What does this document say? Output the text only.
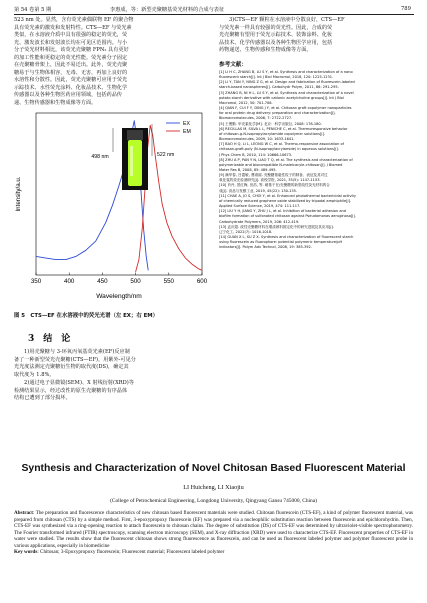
第 54 卷第 5 期	李惠成，等：新型壳聚糖基荧光材料的合成与表征	789
523 nm 处。显然，含有荧光素偶联物 EF 的聚合物
具有荧光素的激发和发射特性。CTS—EF 与荧光素
类似，在水溶液介质中具有很强的稳定的荧光，荧
光、激发波长和发射波长均在可见区范围内。与小
分子荧光材料相比，该荧光壳聚糖 FPN₂ 具有更好
的加工性能和更稳定的荧光性能。荧光素分子固定
在壳聚糖骨架上，因此不易迁出。此外，荧光壳聚
糖易于与生物体相容，无毒、无害，再加上良好的
水溶性和分散性。因此，荧光壳聚糖可应用于荧光
示踪技术、水性荧光涂料、化妆品技术、生物化学
传感器以及各种生物医药应用领域，包括药品传
递、生物传感器和生物成像等方面。
Intensity/a.u.
350	400	450	500	550	600
Wavelength/nm
498 nm	522 nm
EX
EM
图 5　CTS—EF 在水溶液中的荧光光谱（左 EX；右 EM）
3　结　论
1)用壳聚糖与 3-环氧丙氧基荧光素(EF)反应制
备了一种新型荧光壳聚糖(CTS—EF)，用紫外-可见分
光光度法测定壳聚糖衍生物的取代度(DS)，确定其
取代度为 1.8%。
2)通过电子显微镜(SEM)、X 射线衍射(XRD)等
检测结果显示，经过改性的原生壳聚糖的有序晶体
结构已遭到了部分损坏。
3)CTS—EF 颗粒在水溶液中分散良好，CTS—EF
与荧光素一样具有较强的荧光性。因此，合成的荧
光壳聚糖有望用于荧光示踪技术、装饰涂料、化妆
品技术、化学传感器以及各种生物医学应用，包括
药物递送、生物传感和生物成像等方面。
参考文献：
[1] LI H C, ZHANG B, LU S Y, et al. Synthesis and characterization of a nano
fluorescent starch[J]. Int J Biol Macromol, 2018, 120: 1225-1231.
[2] LI Y, TAN Y, NING Z G, et al. Design and fabrication of fluorescein-labeled
starch-based nanospheres[J]. Carbohydr Polym, 2011, 86: 291-295.
[3] ZHANG B, NI H L, LU S Y, et al. Synthesis and characterization of a novel
potato starch derivative with cationic acetylcholine groups[J]. Int J Biol
Macromol, 2012, 50: 701-706.
[4] QIAN F, CUI F Y, DING J Y, et al. Chitosan graft copolymer nanoparticles
for oral protein drug delivery: preparation and characterization[J].
Biomacromolecules, 2006, 7: 2722-2727.
[5] 王俊勤. 甲壳素化学[M]. 北京：科学出版社, 2008: 178-180.
[6] RECILLAS M, SILVA L L, PENICHE C, et al. Thermoresponsive behavior
of chitosan-g-N-isopropylacrylamide copolymer solutions[J].
Biomacromolecules, 2009, 10: 1633-1641.
[7] BAO H Q, LI L, LEONG W C, et al. Thermo-responsive association of
chitosan-graft-poly (N-isopropylacrylamide) in aqueous solutions[J].
J Phys Chem B, 2010, 114: 10666-10673.
[8] ZHU A P, PAN Y N, LIAO T Q, et al. The synthesis and characterization of
polymerizable and biocompatible N-maleicacyle-chitosan[J]. J Biomed
Mater Res B, 2008, 85: 489-495.
[9] 满华春, 吕霞敏, 曹淑丽. 壳聚糖基磁性粒子的制备、表征及其对过
氧化氢的荧光检测研究[J]. 高校学报, 2021, 35(5): 1147-1153.
[10] 肖丹, 蔡红梅, 田浩, 等. 硝基于在/壳聚糖的新型改性荧光材料的合
成[J]. 食品与发酵工业, 2019, 45(22): 130-135.
[11] CHAE A, JO S, CHOI Y, et al. Enhanced photothermal bactericidal activity
of chemically reduced graphene oxide stabilized by tripodal amphiphile[J].
Applied Surface Science, 2019, 474: 111-117.
[12] LIU Y H, JIANG Y, ZHU J L, et al. Inhibition of bacterial adhesion and
biofilm formation of sulfonated chitosan against Pseudomonas aeruginosa[J].
Carbohydrate Polymers, 2019, 206: 412-419.
[13] 孟庆超. 改性壳聚糖材料在增漆颜料固定化中的研究进展及其应用[J].
辽宁化工, 2022(7): 1016-1018.
[14] GUAN X L, SU Z X. Synthesis and characterization of fluorescent starch
using fluorescein as fluorophore: potential polymeric temperature/pH
indicators[J]. Polym Adv Technol, 2008, 19: 385-392.
Synthesis and Characterization of Novel Chitosan Based Fluorescent Material
LI Huicheng, LI Xiaojiu
(College of Petrochemical Engineering, Longdong University, Qingyang Gansu 745000, China)
Abstract: The preparation and fluorescence characteristics of new chitosan based fluorescent materials were studied. Chitosan fluorescein (CTS-EF), a kind of polymer fluorescent material, was prepared from chitosan (CTS) by a simple method. First, 3-epoxypropoxy fluorescein (EF) was prepared via a nucleophilic substitution reaction between fluorescein and epichlorohydrin. Then, CTS-EF was synthesized via a ring-opening reaction to attach fluorescein to chitosan chains. The degree of substitution (DS) of CTS-EF was determined by ultraviolet-visible spectrophotometry. The Fourier transformed infrared (FTIR) spectroscopy, scanning electron microscopy (SEM), and X-ray diffraction (XRD) were used to characterize CTS-EF. Fluorescent properties of CTS-EF in water were studied. The results show that the fluorescent chitosan shows strong fluorescence as fluorescein, and can be used as fluorescent labeled polymer and polymer fluorescent probe in various applications, especially in biomedicine
Key words: Chitosan; 3-Epoxypropoxy fluorescein; Fluorescent material; Fluorescent labeled polymer
